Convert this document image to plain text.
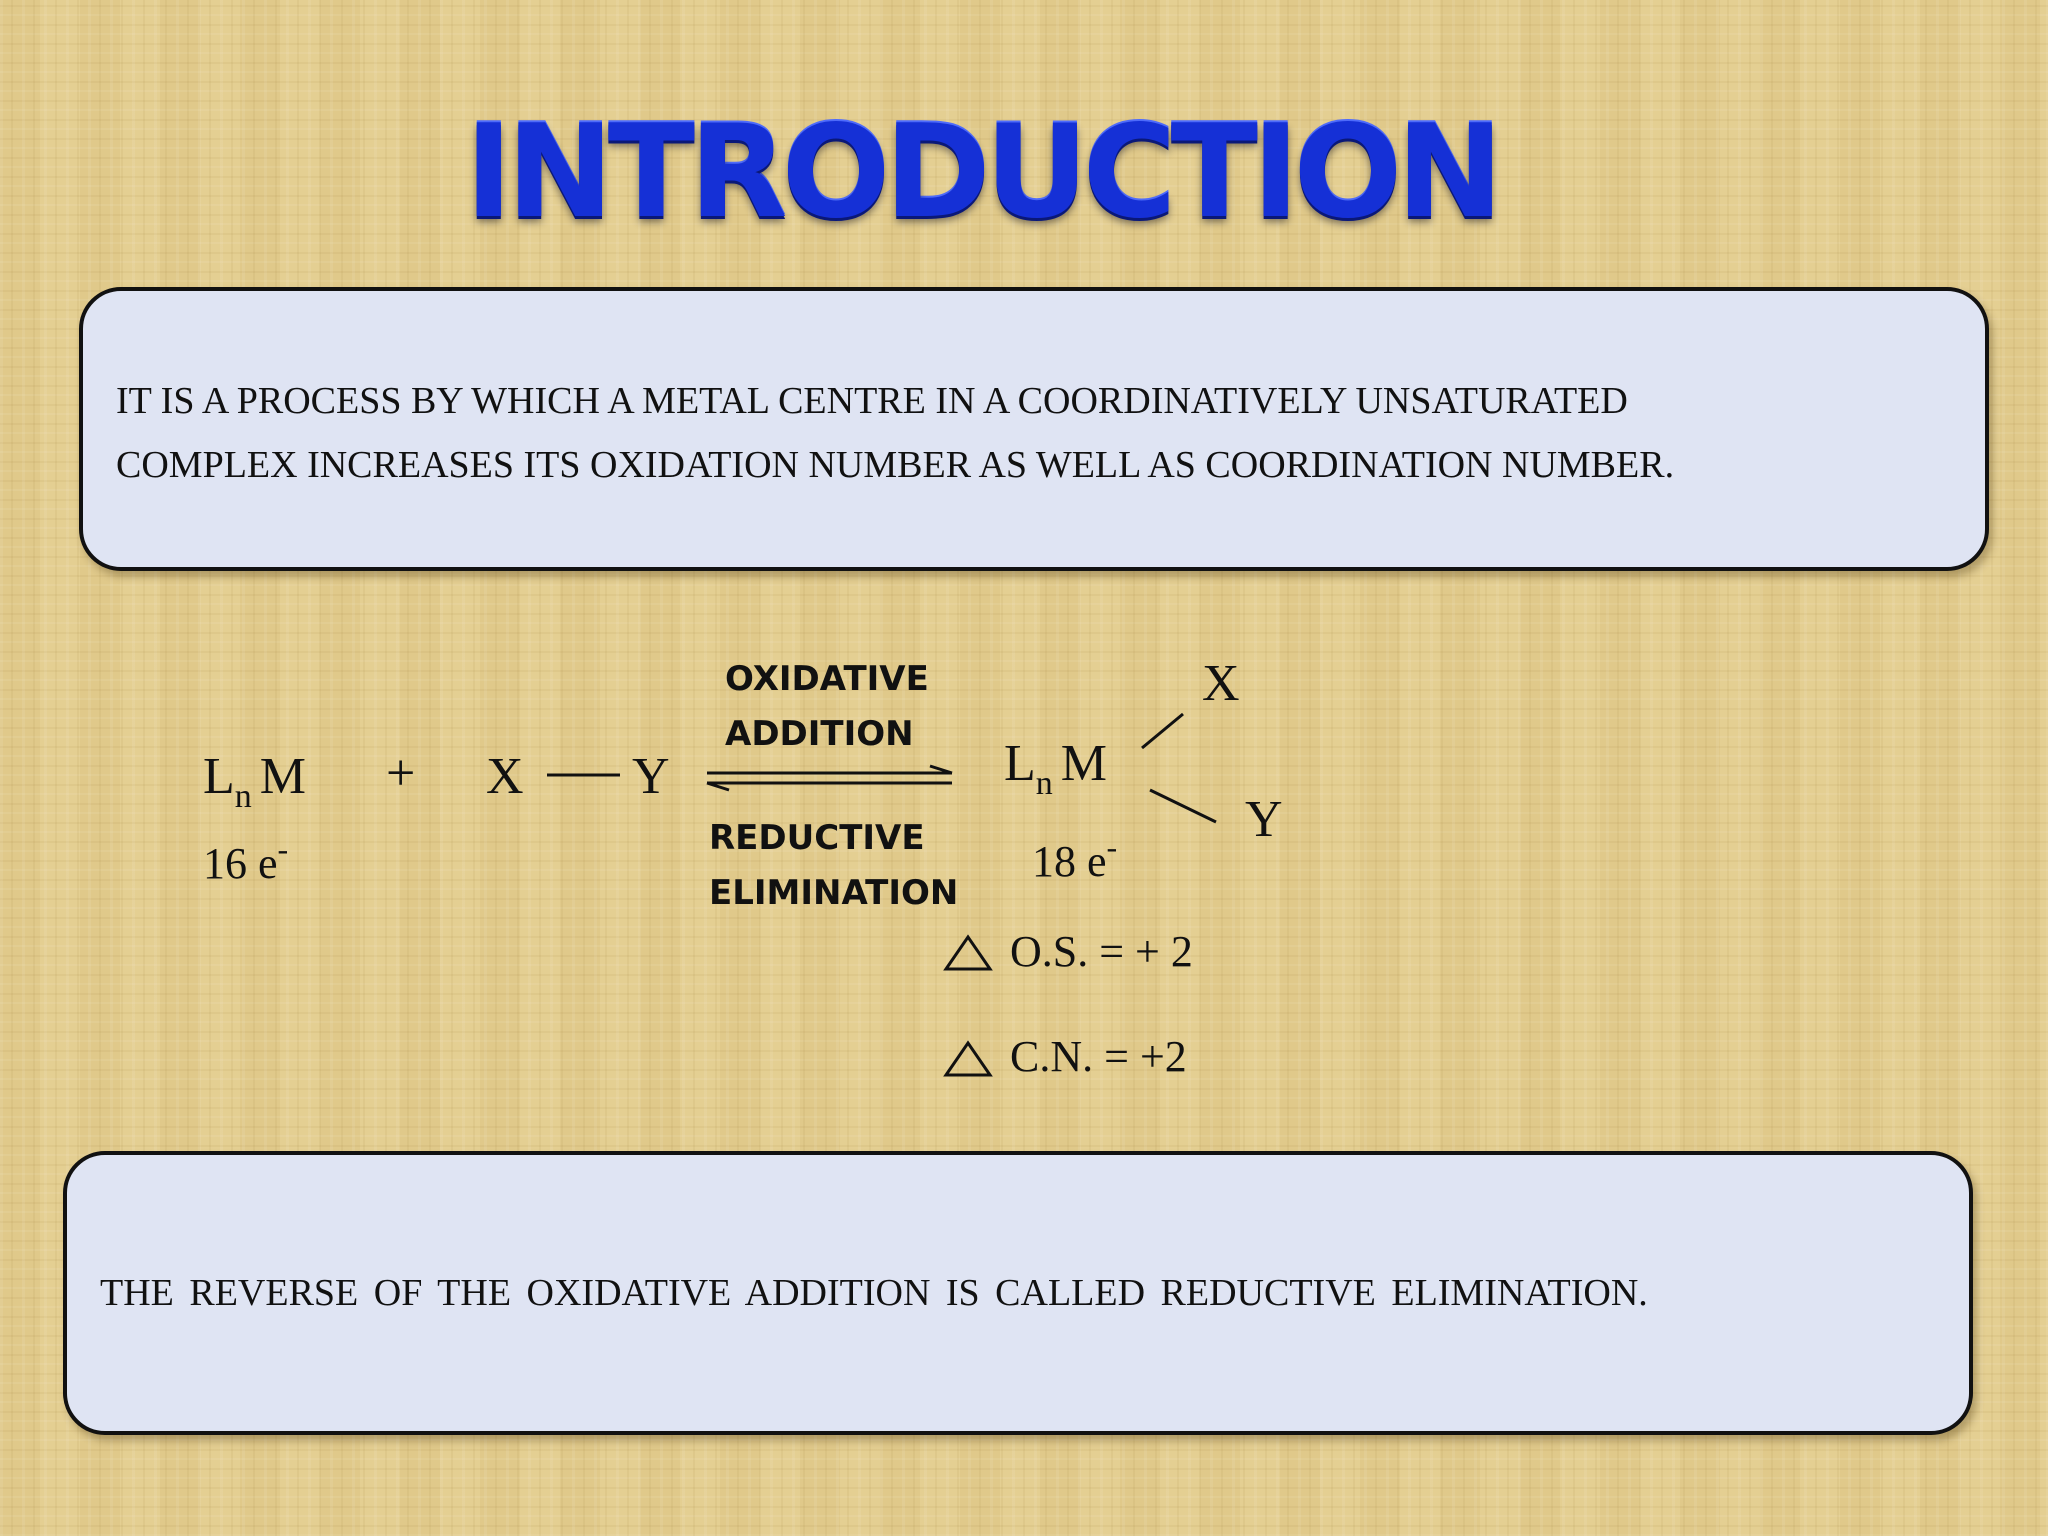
INTRODUCTION
IT IS A PROCESS BY WHICH A METAL CENTRE IN A COORDINATIVELY UNSATURATED
COMPLEX INCREASES ITS OXIDATION NUMBER AS WELL AS COORDINATION NUMBER.
$L_n$ M + X Y
16 e-
OXIDATIVE
ADDITION
REDUCTIVE
ELIMINATION
$L_n$ M
X
Y
18 e-
O.S. = + 2
C.N. = +2
THE REVERSE OF THE OXIDATIVE ADDITION IS CALLED REDUCTIVE ELIMINATION.
